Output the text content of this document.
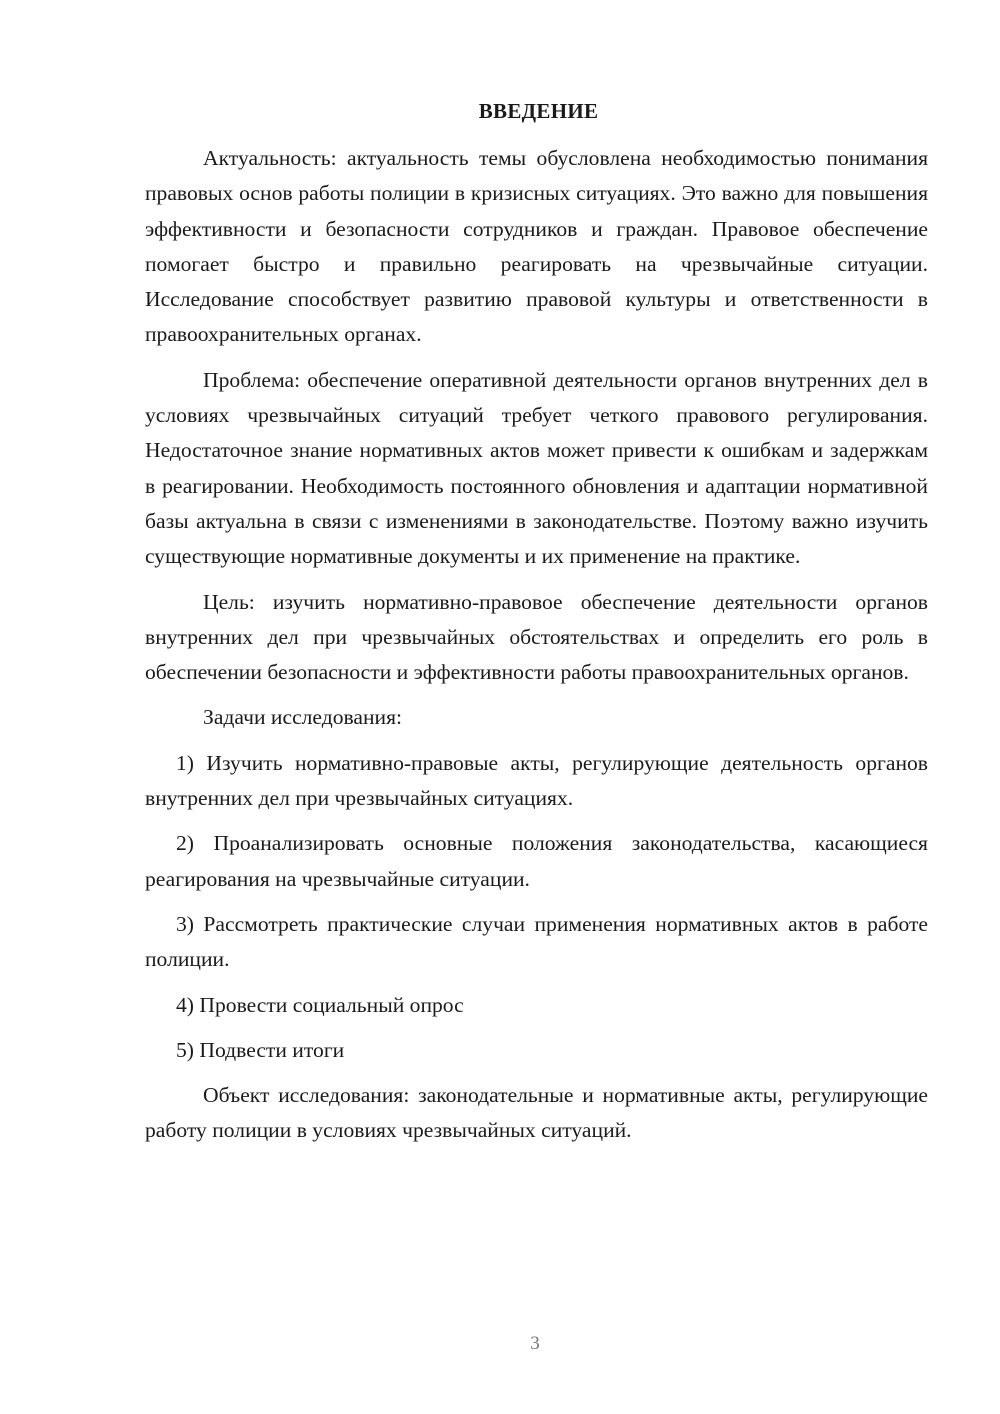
ВВЕДЕНИЕ

Актуальность: актуальность темы обусловлена необходимостью понимания правовых основ работы полиции в кризисных ситуациях. Это важно для повышения эффективности и безопасности сотрудников и граждан. Правовое обеспечение помогает быстро и правильно реагировать на чрезвычайные ситуации. Исследование способствует развитию правовой культуры и ответственности в правоохранительных органах.

Проблема: обеспечение оперативной деятельности органов внутренних дел в условиях чрезвычайных ситуаций требует четкого правового регулирования. Недостаточное знание нормативных актов может привести к ошибкам и задержкам в реагировании. Необходимость постоянного обновления и адаптации нормативной базы актуальна в связи с изменениями в законодательстве. Поэтому важно изучить существующие нормативные документы и их применение на практике.

Цель: изучить нормативно-правовое обеспечение деятельности органов внутренних дел при чрезвычайных обстоятельствах и определить его роль в обеспечении безопасности и эффективности работы правоохранительных органов.

Задачи исследования:

1) Изучить нормативно-правовые акты, регулирующие деятельность органов внутренних дел при чрезвычайных ситуациях.

2) Проанализировать основные положения законодательства, касающиеся реагирования на чрезвычайные ситуации.

3) Рассмотреть практические случаи применения нормативных актов в работе полиции.

4) Провести социальный опрос

5) Подвести итоги

Объект исследования: законодательные и нормативные акты, регулирующие работу полиции в условиях чрезвычайных ситуаций.

3
